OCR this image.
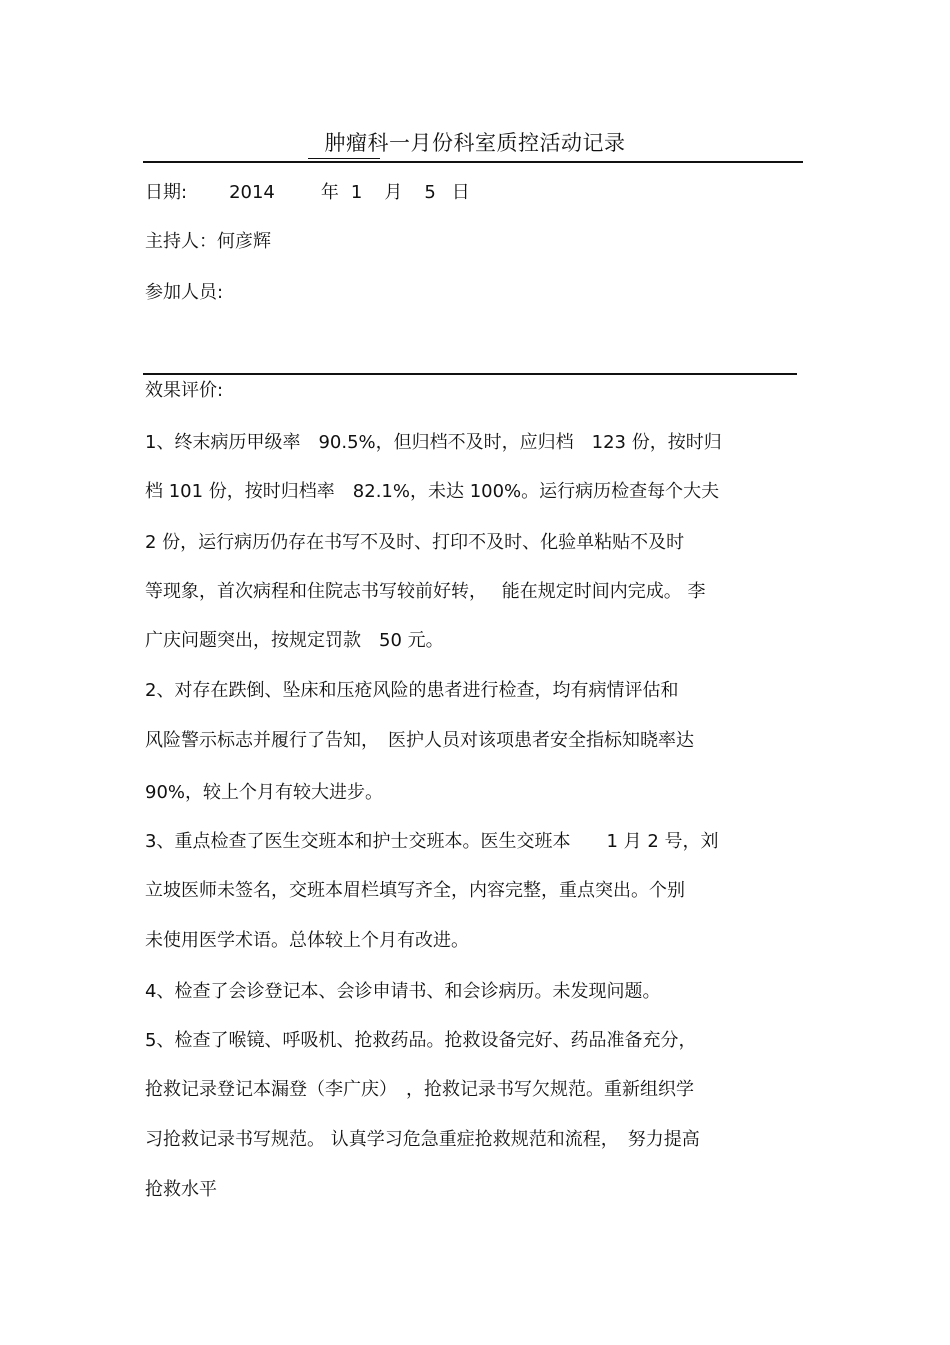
肿瘤科一月份科室质控活动记录
日期: 2014	年 1 月 5 日
主持人：何彦辉
参加人员:
效果评价:
1、终末病历甲级率　90.5%，但归档不及时，应归档　123 份，按时归
档 101 份，按时归档率　82.1%，未达 100%。运行病历检查每个大夫
2 份，运行病历仍存在书写不及时、打印不及时、化验单粘贴不及时
等现象，首次病程和住院志书写较前好转，　 能在规定时间内完成。 李
广庆问题突出，按规定罚款　50 元。
2、对存在跌倒、坠床和压疮风险的患者进行检查，均有病情评估和
风险警示标志并履行了告知，　医护人员对该项患者安全指标知晓率达
90%，较上个月有较大进步。
3、重点检查了医生交班本和护士交班本。医生交班本　　1 月 2 号，刘
立坡医师未签名，交班本眉栏填写齐全，内容完整，重点突出。个别
未使用医学术语。总体较上个月有改进。
4、检查了会诊登记本、会诊申请书、和会诊病历。未发现问题。
5、检查了喉镜、呼吸机、抢救药品。抢救设备完好、药品准备充分，
抢救记录登记本漏登（李广庆）　，抢救记录书写欠规范。重新组织学
习抢救记录书写规范。 认真学习危急重症抢救规范和流程，　努力提高
抢救水平
